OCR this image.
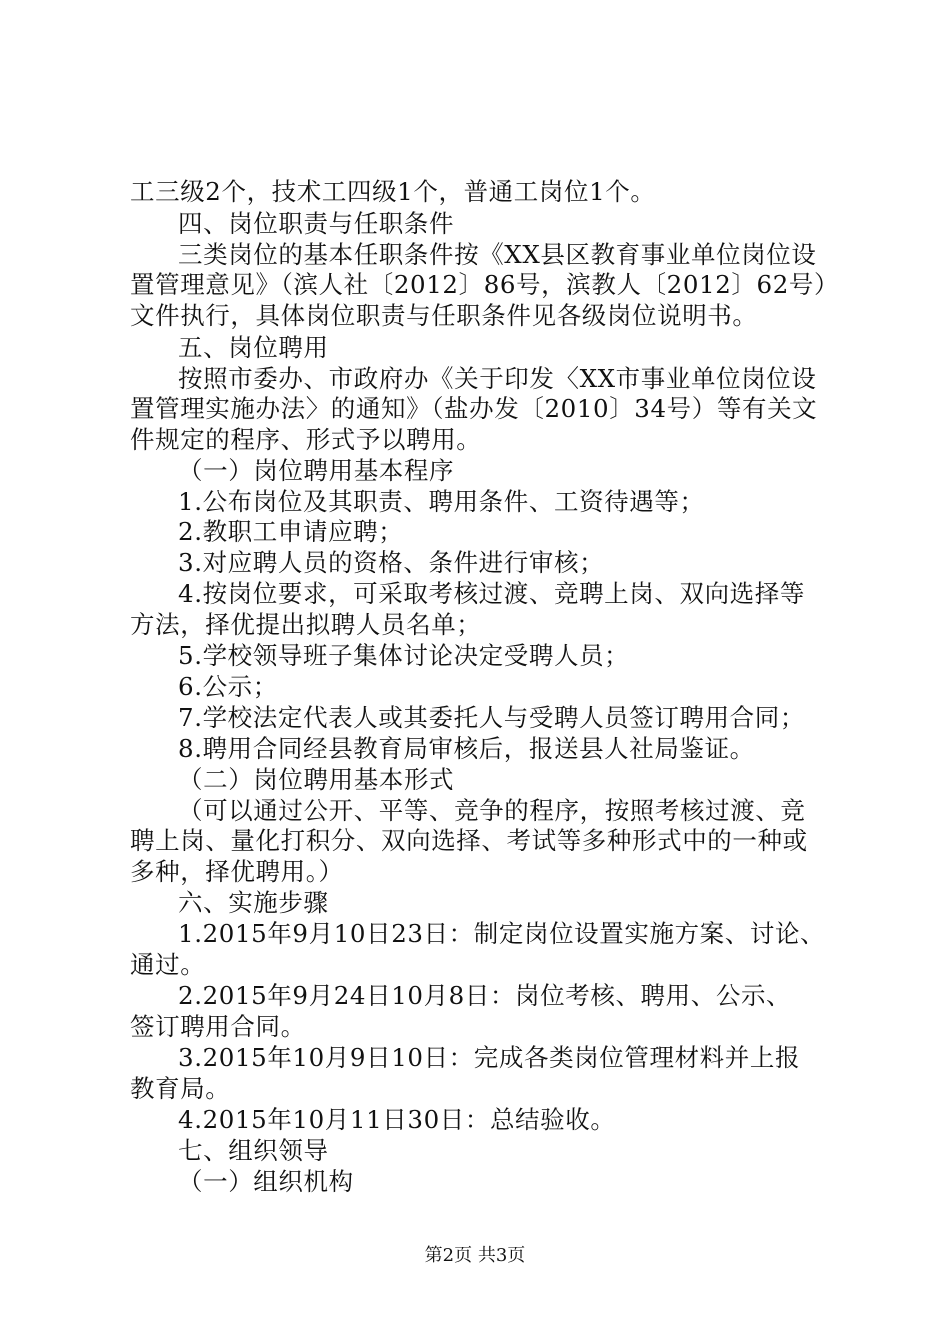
工三级2个，技术工四级1个，普通工岗位1个。
四、岗位职责与任职条件
三类岗位的基本任职条件按《XX县区教育事业单位岗位设
置管理意见》（滨人社〔2012〕86号，滨教人〔2012〕62号）
文件执行，具体岗位职责与任职条件见各级岗位说明书。
五、岗位聘用
按照市委办、市政府办《关于印发〈XX市事业单位岗位设
置管理实施办法〉的通知》（盐办发〔2010〕34号）等有关文
件规定的程序、形式予以聘用。
（一）岗位聘用基本程序
1.公布岗位及其职责、聘用条件、工资待遇等；
2.教职工申请应聘；
3.对应聘人员的资格、条件进行审核；
4.按岗位要求，可采取考核过渡、竞聘上岗、双向选择等
方法，择优提出拟聘人员名单；
5.学校领导班子集体讨论决定受聘人员；
6.公示；
7.学校法定代表人或其委托人与受聘人员签订聘用合同；
8.聘用合同经县教育局审核后，报送县人社局鉴证。
（二）岗位聘用基本形式
（可以通过公开、平等、竞争的程序，按照考核过渡、竞
聘上岗、量化打积分、双向选择、考试等多种形式中的一种或
多种，择优聘用。）
六、实施步骤
1.2015年9月10日23日：制定岗位设置实施方案、讨论、
通过。
2.2015年9月24日10月8日：岗位考核、聘用、公示、
签订聘用合同。
3.2015年10月9日10日：完成各类岗位管理材料并上报
教育局。
4.2015年10月11日30日：总结验收。
七、组织领导
（一）组织机构
第2页 共3页
